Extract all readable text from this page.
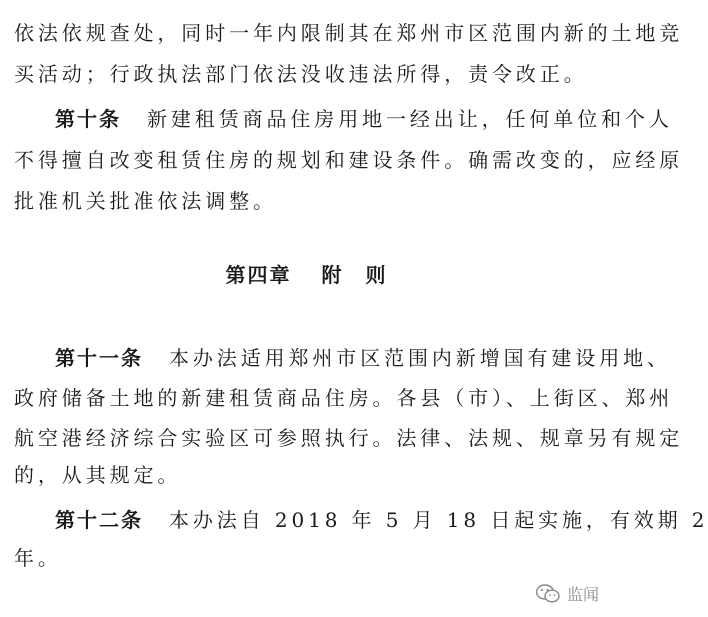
依法依规查处，同时一年内限制其在郑州市区范围内新的土地竞
买活动；行政执法部门依法没收违法所得，责令改正。
第十条 新建租赁商品住房用地一经出让，任何单位和个人
不得擅自改变租赁住房的规划和建设条件。确需改变的，应经原
批准机关批准依法调整。
第四章 附　则
第十一条 本办法适用郑州市区范围内新增国有建设用地、
政府储备土地的新建租赁商品住房。各县（市）、上街区、郑州
航空港经济综合实验区可参照执行。法律、法规、规章另有规定
的，从其规定。
第十二条 本办法自 2018 年 5 月 18 日起实施，有效期 2
年。
监闻
